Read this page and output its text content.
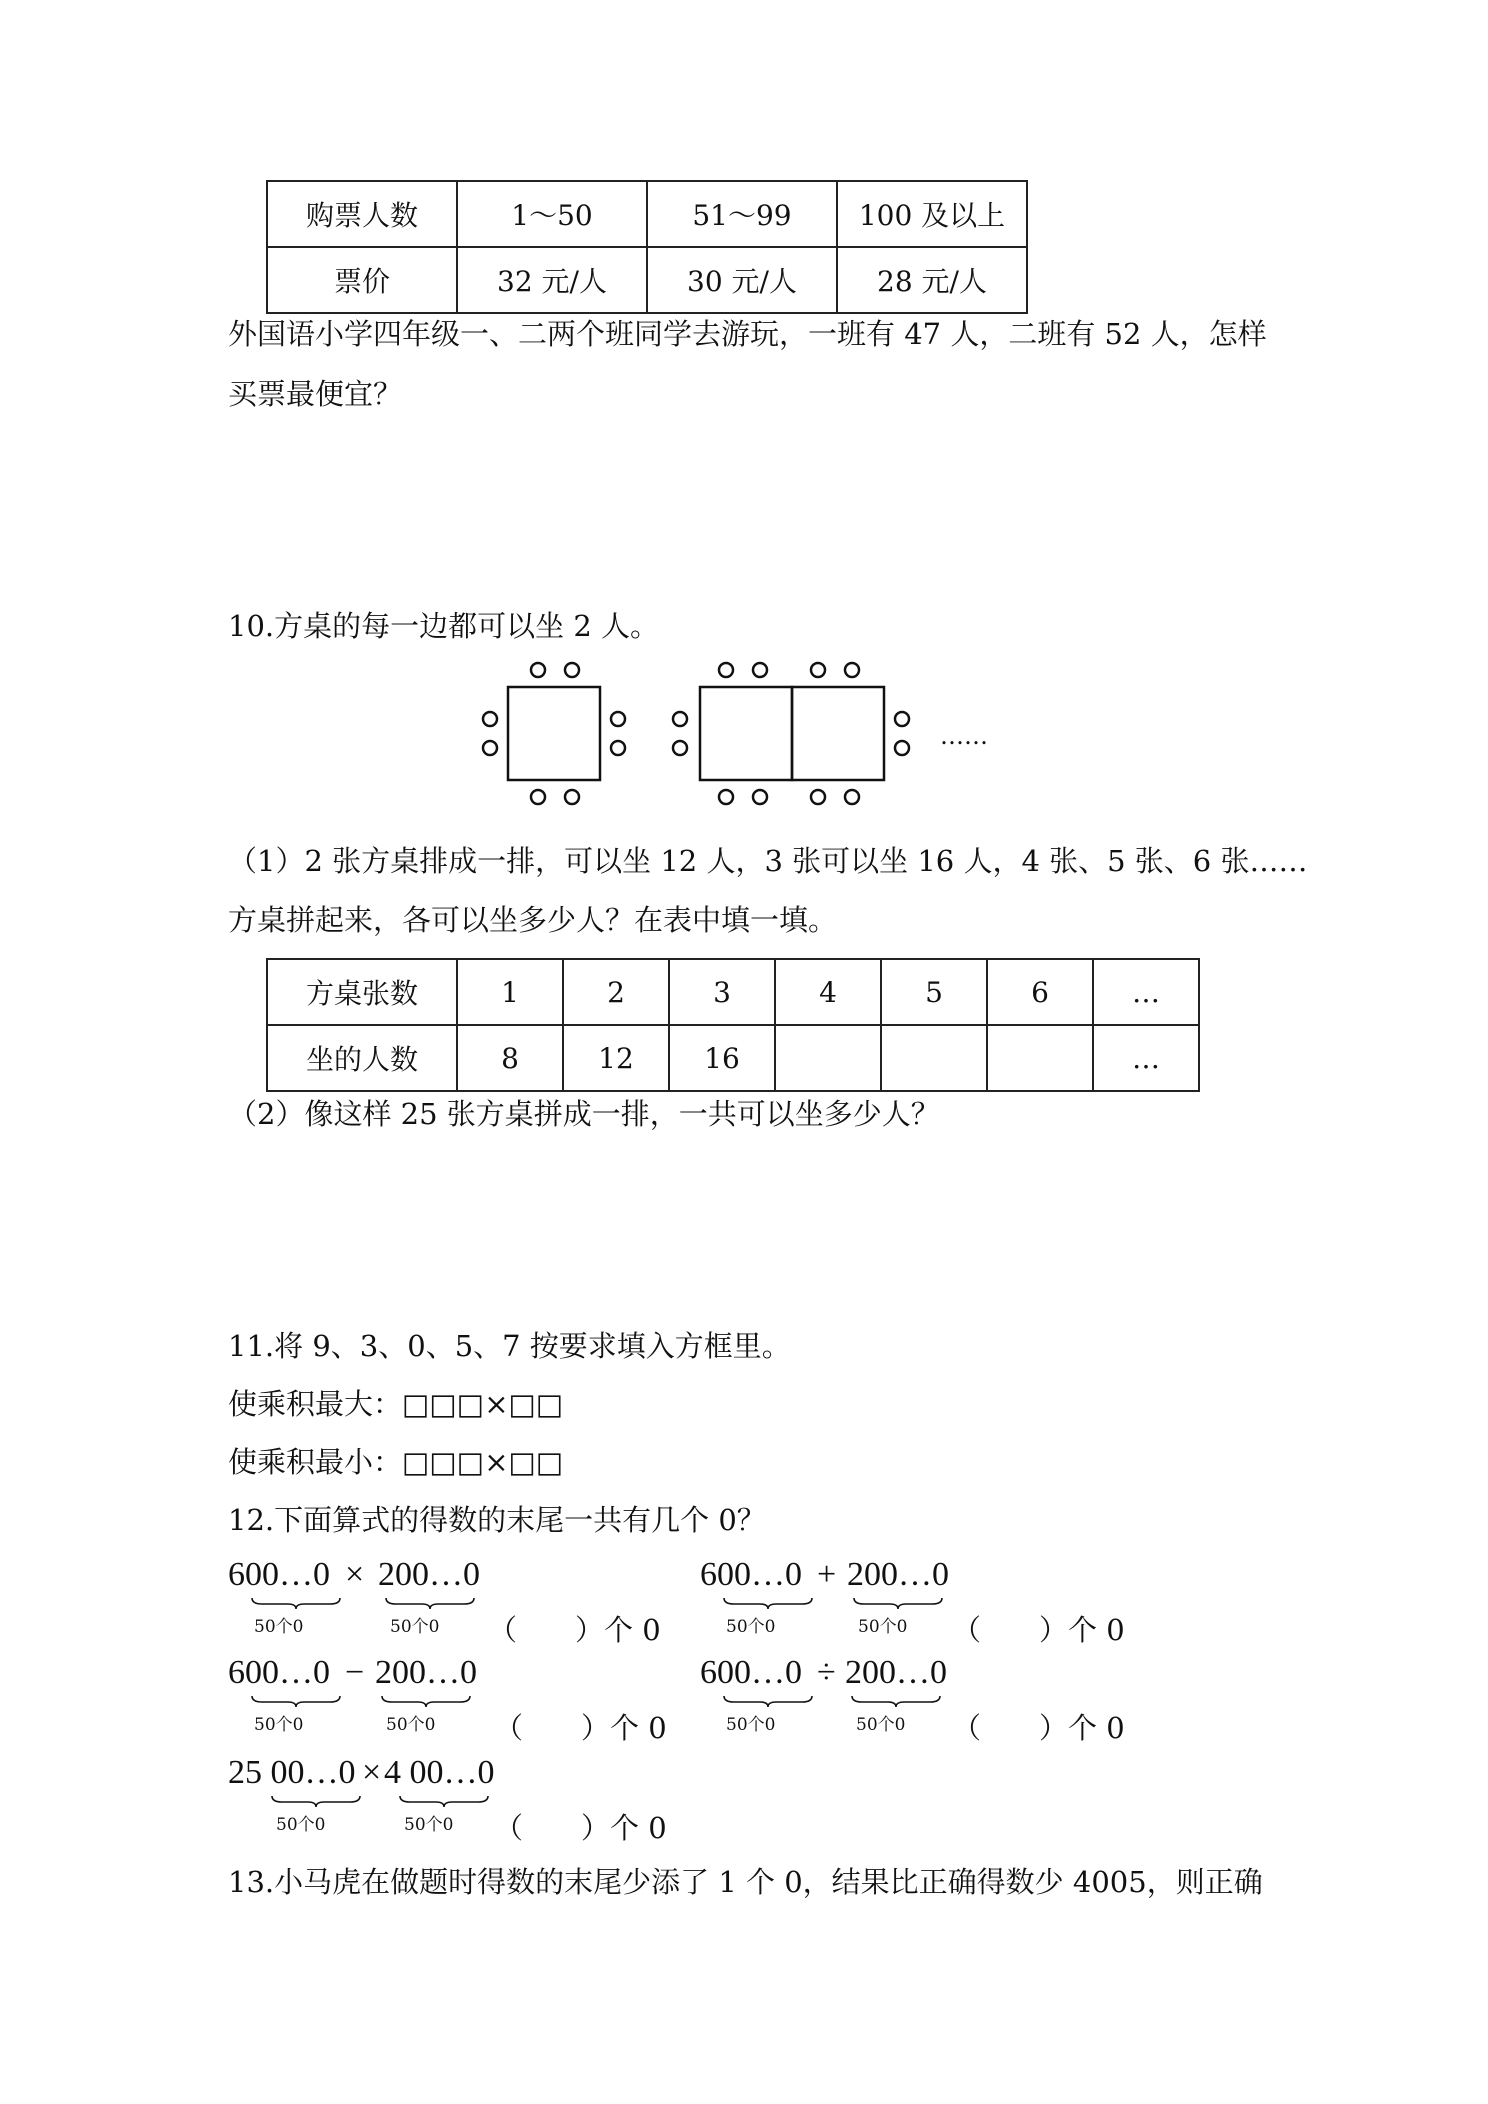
购票人数	1～50	51～99	100 及以上
票价	32 元/人	30 元/人	28 元/人
外国语小学四年级一、二两个班同学去游玩，一班有 47 人，二班有 52 人，怎样
买票最便宜？
10.方桌的每一边都可以坐 2 人。
……
（1）2 张方桌排成一排，可以坐 12 人，3 张可以坐 16 人，4 张、5 张、6 张……
方桌拼起来，各可以坐多少人？在表中填一填。
方桌张数	1	2	3	4	5	6	…
坐的人数	8	12	16				…
（2）像这样 25 张方桌拼成一排，一共可以坐多少人？
11.将 9、3、0、5、7 按要求填入方框里。
使乘积最大：□□□×□□
使乘积最小：□□□×□□
12.下面算式的得数的末尾一共有几个 0？
600…0 × 200…0
50个0	50个0 （　　）个 0
600…0 + 200…0
50个0	50个0 （　　）个 0
600…0 − 200…0
50个0	50个0 （　　）个 0
600…0 ÷ 200…0
50个0	50个0 （　　）个 0
25 00…0 × 4 00…0
50个0	50个0 （　　）个 0
13.小马虎在做题时得数的末尾少添了 1 个 0，结果比正确得数少 4005，则正确
